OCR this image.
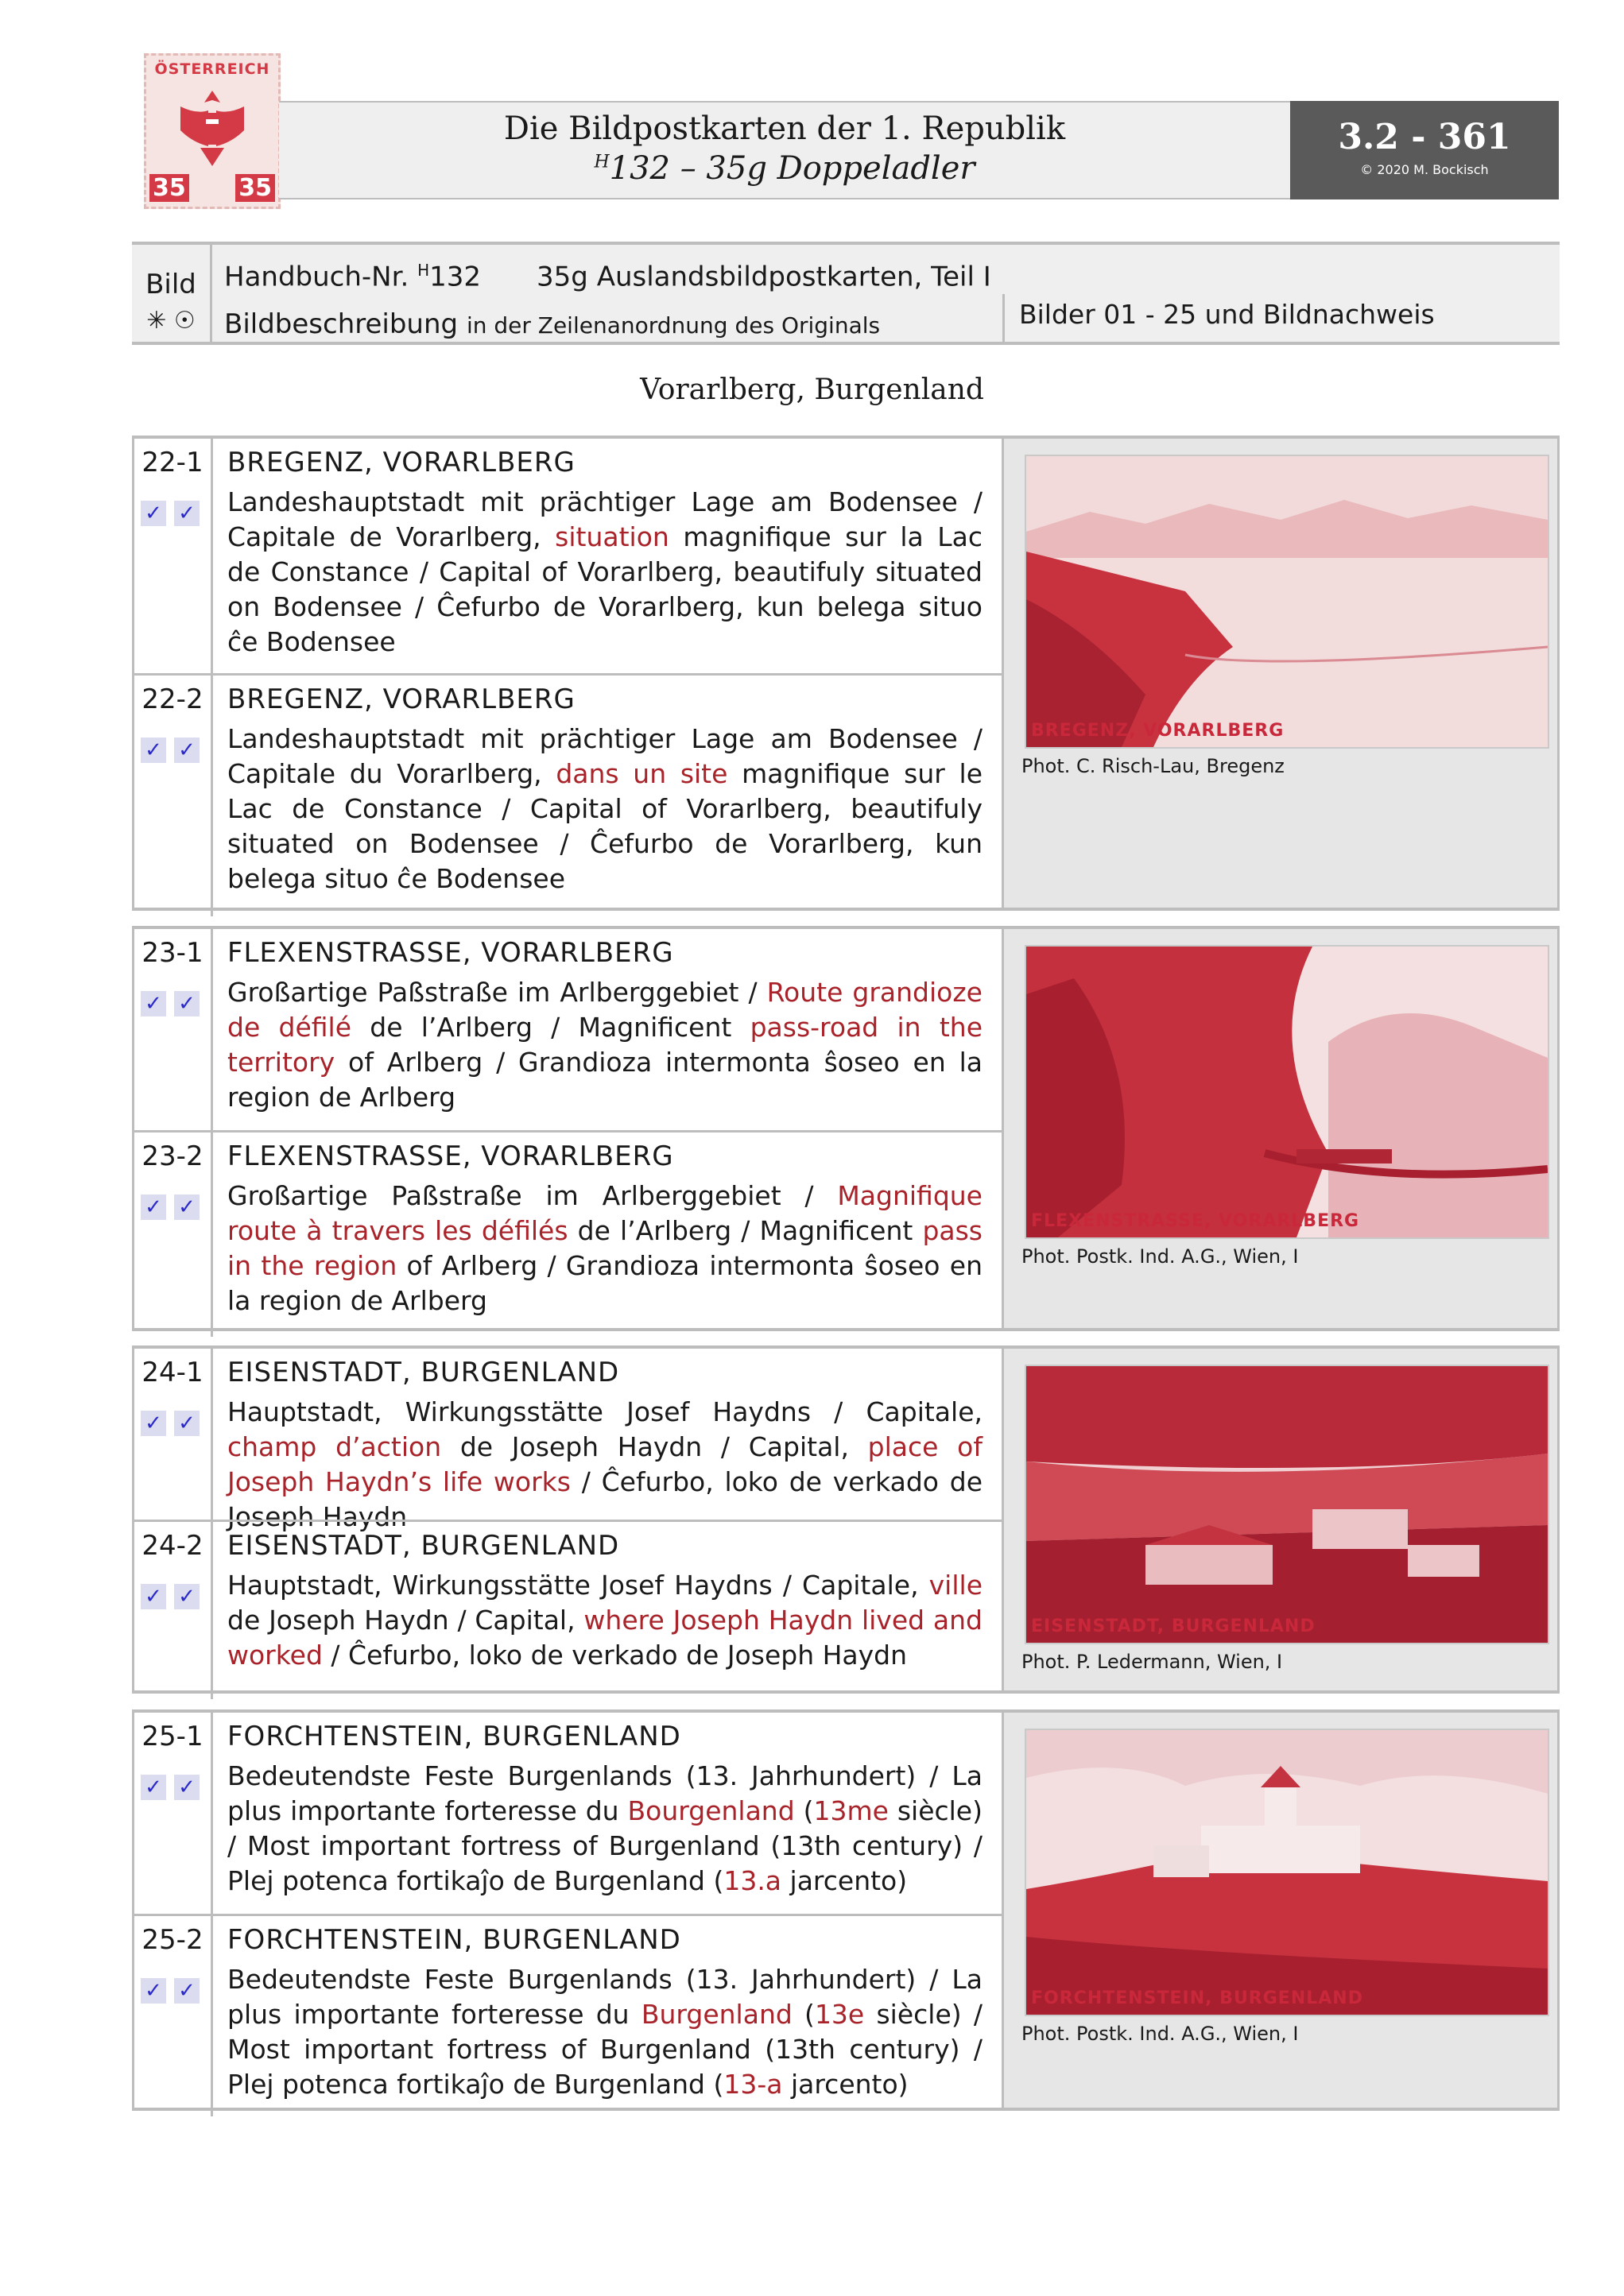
ÖSTERREICH
35 35
Die Bildpostkarten der 1. Republik
$^H$132 – 35g Doppeladler
3.2 - 361
© 2020 M. Bockisch
Bild
✳ ☉
Handbuch-Nr. $^H$132 35g Auslandsbildpostkarten, Teil I
Bildbeschreibung in der Zeilenanordnung des Originals	Bilder 01 - 25 und Bildnachweis
Vorarlberg, Burgenland
22-1
✓ ✓
BREGENZ, VORARLBERG
Landeshauptstadt mit prächtiger Lage am Bodensee / Capitale de Vorarlberg, situation magnifique sur la Lac de Constance / Capital of Vorarlberg, beautifuly situated on Bodensee / Ĉefurbo de Vorarlberg, kun belega situo ĉe Bodensee
22-2
✓ ✓
BREGENZ, VORARLBERG
Landeshauptstadt mit prächtiger Lage am Bodensee / Capitale du Vorarlberg, dans un site magnifique sur le Lac de Constance / Capital of Vorarlberg, beautifuly situated on Bodensee / Ĉefurbo de Vorarlberg, kun belega situo ĉe Bodensee
BREGENZ, VORARLBERG
Phot. C. Risch-Lau, Bregenz
23-1
✓ ✓
FLEXENSTRASSE, VORARLBERG
Großartige Paßstraße im Arlberggebiet / Route grandioze de défilé de l’Arlberg / Magnificent pass-road in the territory of Arlberg / Grandioza intermonta ŝoseo en la region de Arlberg
23-2
✓ ✓
FLEXENSTRASSE, VORARLBERG
Großartige Paßstraße im Arlberggebiet / Magnifique route à travers les défilés de l’Arlberg / Magnificent pass in the region of Arlberg / Grandioza intermonta ŝoseo en la region de Arlberg
FLEXENSTRASSE, VORARLBERG
Phot. Postk. Ind. A.G., Wien, I
24-1
✓ ✓
EISENSTADT, BURGENLAND
Hauptstadt, Wirkungsstätte Josef Haydns / Capitale, champ d’action de Joseph Haydn / Capital, place of Joseph Haydn’s life works / Ĉefurbo, loko de verkado de Joseph Haydn
24-2
✓ ✓
EISENSTADT, BURGENLAND
Hauptstadt, Wirkungsstätte Josef Haydns / Capitale, ville de Joseph Haydn / Capital, where Joseph Haydn lived and worked / Ĉefurbo, loko de verkado de Joseph Haydn
EISENSTADT, BURGENLAND
Phot. P. Ledermann, Wien, I
25-1
✓ ✓
FORCHTENSTEIN, BURGENLAND
Bedeutendste Feste Burgenlands (13. Jahrhundert) / La plus importante forteresse du Bourgenland (13me siècle) / Most important fortress of Burgenland (13th century) / Plej potenca fortikaĵo de Burgenland (13.a jarcento)
25-2
✓ ✓
FORCHTENSTEIN, BURGENLAND
Bedeutendste Feste Burgenlands (13. Jahrhundert) / La plus importante forteresse du Burgenland (13e siècle) / Most important fortress of Burgenland (13th century) / Plej potenca fortikaĵo de Burgenland (13-a jarcento)
FORCHTENSTEIN, BURGENLAND
Phot. Postk. Ind. A.G., Wien, I
